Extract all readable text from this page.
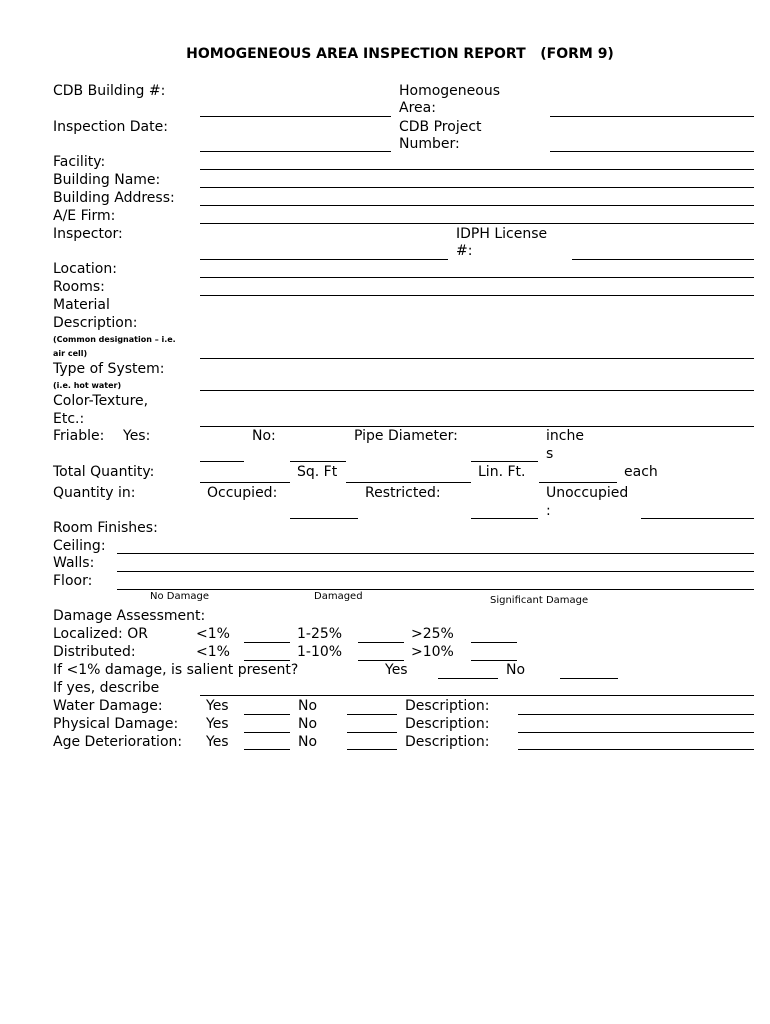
HOMOGENEOUS AREA INSPECTION REPORT   (FORM 9)
CDB Building #:	Homogeneous
Area:
Inspection Date:	CDB Project
Number:
Facility:
Building Name:
Building Address:
A/E Firm:
Inspector:	IDPH License
#:
Location:
Rooms:
Material
Description:
(Common designation – i.e.
air cell)
Type of System:
(i.e. hot water)
Color-Texture,
Etc.:
Friable: Yes:	No:	Pipe Diameter:	inche
s
Total Quantity:	Sq. Ft	Lin. Ft.	each
Quantity in:	Occupied:	Restricted:	Unoccupied
:
Room Finishes:
Ceiling:
Walls:
Floor:
No Damage	Damaged	Significant Damage
Damage Assessment:
Localized: OR	<1%	1-25%	>25%
Distributed:	<1%	1-10%	>10%
If <1% damage, is salient present?	Yes	No
If yes, describe
Water Damage:	Yes	No	Description:
Physical Damage: Yes	No	Description:
Age Deterioration: Yes	No	Description:
